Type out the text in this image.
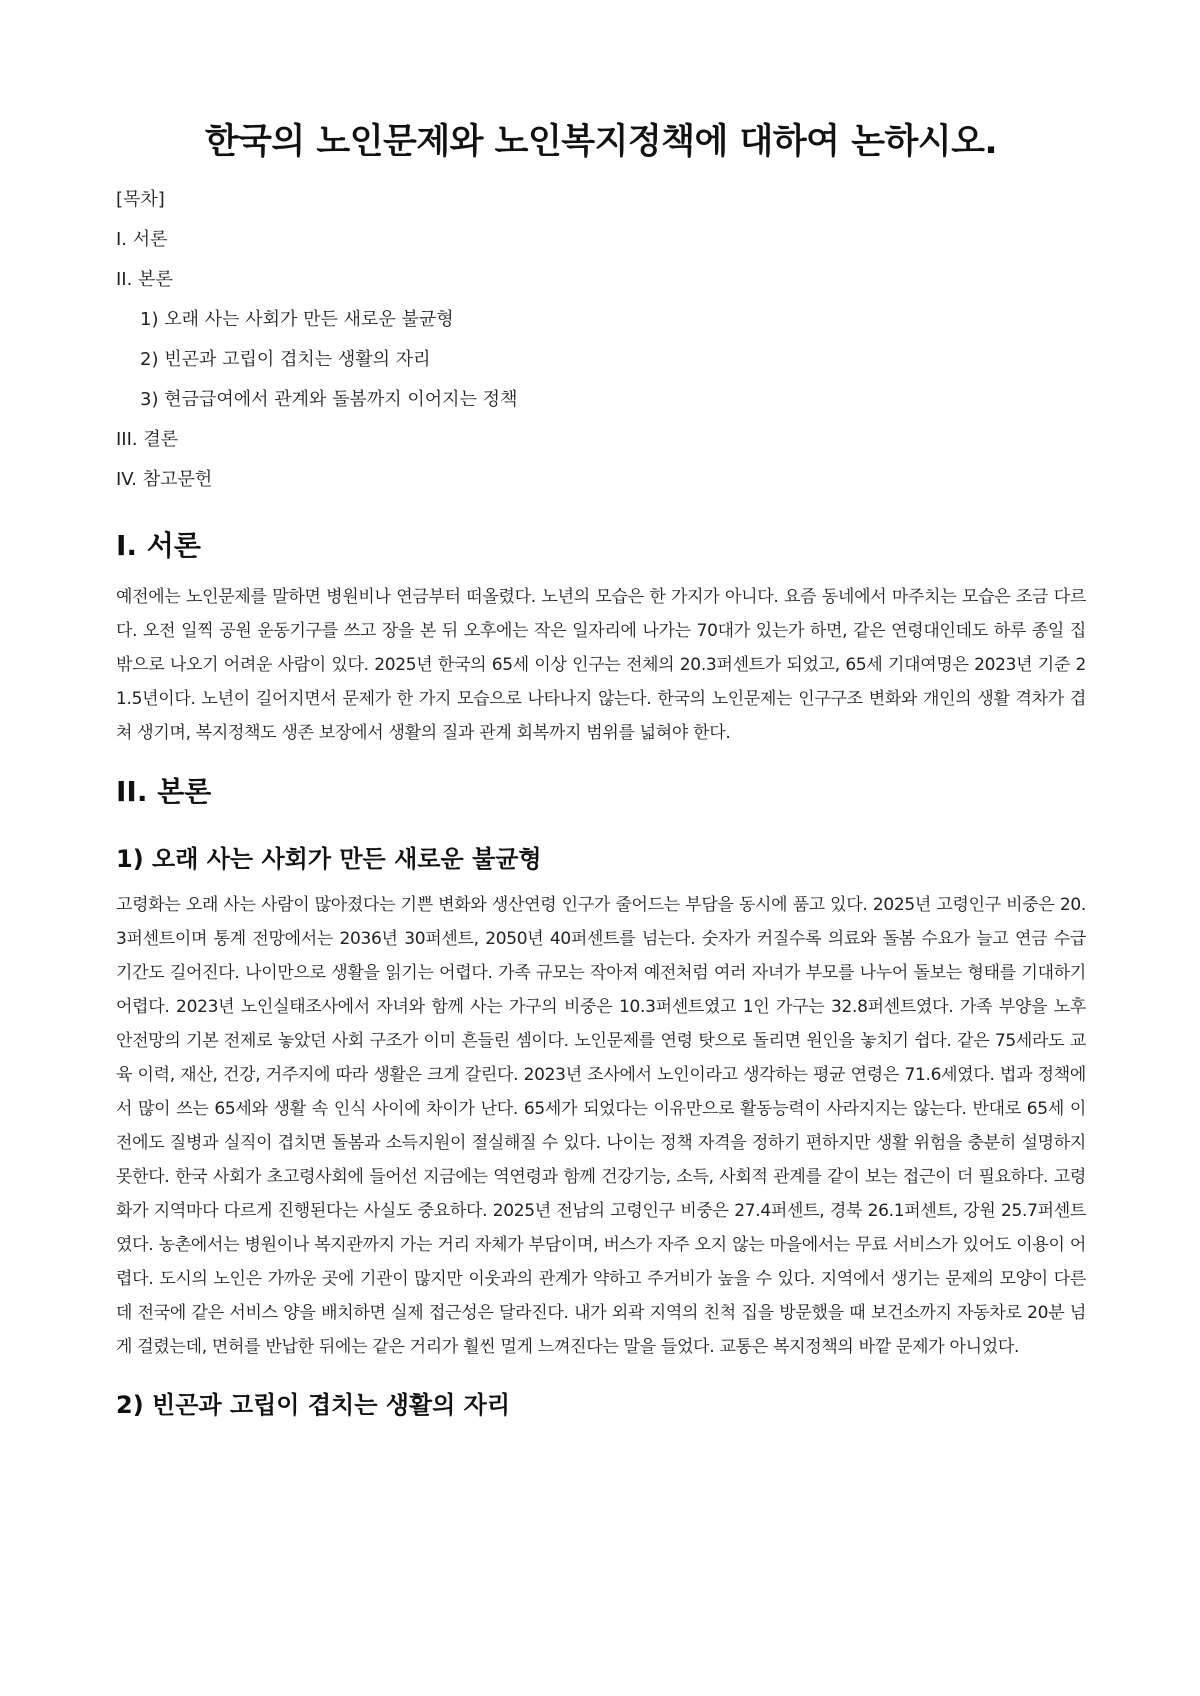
한국의 노인문제와 노인복지정책에 대하여 논하시오.
[목차]
I. 서론
II. 본론
1) 오래 사는 사회가 만든 새로운 불균형
2) 빈곤과 고립이 겹치는 생활의 자리
3) 현금급여에서 관계와 돌봄까지 이어지는 정책
III. 결론
IV. 참고문헌
I. 서론

예전에는 노인문제를 말하면 병원비나 연금부터 떠올렸다. 노년의 모습은 한 가지가 아니다. 요즘 동네에서 마주치는 모습은 조금 다르다. 오전 일찍 공원 운동기구를 쓰고 장을 본 뒤 오후에는 작은 일자리에 나가는 70대가 있는가 하면, 같은 연령대인데도 하루 종일 집 밖으로 나오기 어려운 사람이 있다. 2025년 한국의 65세 이상 인구는 전체의 20.3퍼센트가 되었고, 65세 기대여명은 2023년 기준 21.5년이다. 노년이 길어지면서 문제가 한 가지 모습으로 나타나지 않는다. 한국의 노인문제는 인구구조 변화와 개인의 생활 격차가 겹쳐 생기며, 복지정책도 생존 보장에서 생활의 질과 관계 회복까지 범위를 넓혀야 한다.

II. 본론
1) 오래 사는 사회가 만든 새로운 불균형

고령화는 오래 사는 사람이 많아졌다는 기쁜 변화와 생산연령 인구가 줄어드는 부담을 동시에 품고 있다. 2025년 고령인구 비중은 20.3퍼센트이며 통계 전망에서는 2036년 30퍼센트, 2050년 40퍼센트를 넘는다. 숫자가 커질수록 의료와 돌봄 수요가 늘고 연금 수급 기간도 길어진다. 나이만으로 생활을 읽기는 어렵다. 가족 규모는 작아져 예전처럼 여러 자녀가 부모를 나누어 돌보는 형태를 기대하기 어렵다. 2023년 노인실태조사에서 자녀와 함께 사는 가구의 비중은 10.3퍼센트였고 1인 가구는 32.8퍼센트였다. 가족 부양을 노후 안전망의 기본 전제로 놓았던 사회 구조가 이미 흔들린 셈이다. 노인문제를 연령 탓으로 돌리면 원인을 놓치기 쉽다. 같은 75세라도 교육 이력, 재산, 건강, 거주지에 따라 생활은 크게 갈린다. 2023년 조사에서 노인이라고 생각하는 평균 연령은 71.6세였다. 법과 정책에서 많이 쓰는 65세와 생활 속 인식 사이에 차이가 난다. 65세가 되었다는 이유만으로 활동능력이 사라지지는 않는다. 반대로 65세 이전에도 질병과 실직이 겹치면 돌봄과 소득지원이 절실해질 수 있다. 나이는 정책 자격을 정하기 편하지만 생활 위험을 충분히 설명하지 못한다. 한국 사회가 초고령사회에 들어선 지금에는 역연령과 함께 건강기능, 소득, 사회적 관계를 같이 보는 접근이 더 필요하다. 고령화가 지역마다 다르게 진행된다는 사실도 중요하다. 2025년 전남의 고령인구 비중은 27.4퍼센트, 경북 26.1퍼센트, 강원 25.7퍼센트였다. 농촌에서는 병원이나 복지관까지 가는 거리 자체가 부담이며, 버스가 자주 오지 않는 마을에서는 무료 서비스가 있어도 이용이 어렵다. 도시의 노인은 가까운 곳에 기관이 많지만 이웃과의 관계가 약하고 주거비가 높을 수 있다. 지역에서 생기는 문제의 모양이 다른데 전국에 같은 서비스 양을 배치하면 실제 접근성은 달라진다. 내가 외곽 지역의 친척 집을 방문했을 때 보건소까지 자동차로 20분 넘게 걸렸는데, 면허를 반납한 뒤에는 같은 거리가 훨씬 멀게 느껴진다는 말을 들었다. 교통은 복지정책의 바깥 문제가 아니었다.

2) 빈곤과 고립이 겹치는 생활의 자리
